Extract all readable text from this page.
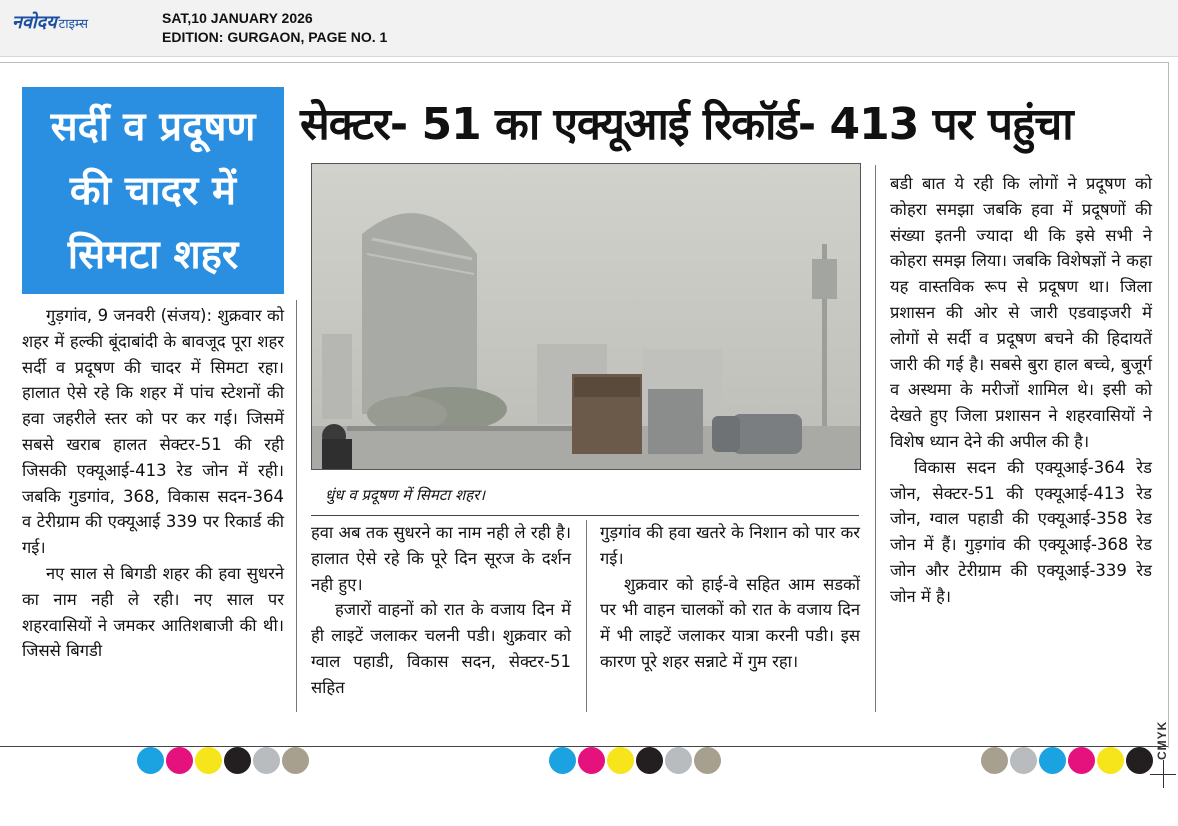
नवोदय टाइम्स	SAT,10 JANUARY 2026
EDITION: GURGAON, PAGE NO. 1
सर्दी व प्रदूषण
की चादर में
सिमटा शहर
सेक्टर- 51 का एक्यूआई रिकॉर्ड- 413 पर पहुंचा
धुंध व प्रदूषण में सिमटा शहर।

गुड़गांव, 9 जनवरी (संजय): शुक्रवार को शहर में हल्की बूंदाबांदी के बावजूद पूरा शहर सर्दी व प्रदूषण की चादर में सिमटा रहा। हालात ऐसे रहे कि शहर में पांच स्टेशनों की हवा जहरीले स्तर को पर कर गई। जिसमें सबसे खराब हालत सेक्टर-51 की रही जिसकी एक्यूआई-413 रेड जोन में रही। जबकि गुडगांव, 368, विकास सदन-364 व टेरीग्राम की एक्यूआई 339 पर रिकार्ड की गई।

नए साल से बिगडी शहर की हवा सुधरने का नाम नही ले रही। नए साल पर शहरवासियों ने जमकर आतिशबाजी की थी। जिससे बिगडी

हवा अब तक सुधरने का नाम नही ले रही है। हालात ऐसे रहे कि पूरे दिन सूरज के दर्शन नही हुए।

हजारों वाहनों को रात के वजाय दिन में ही लाइटें जलाकर चलनी पडी। शुक्रवार को ग्वाल पहाडी, विकास सदन, सेक्टर-51 सहित

गुड़गांव की हवा खतरे के निशान को पार कर गई।

शुक्रवार को हाई-वे सहित आम सडकों पर भी वाहन चालकों को रात के वजाय दिन में भी लाइटें जलाकर यात्रा करनी पडी। इस कारण पूरे शहर सन्नाटे में गुम रहा।

बडी बात ये रही कि लोगों ने प्रदूषण को कोहरा समझा जबकि हवा में प्रदूषणों की संख्या इतनी ज्यादा थी कि इसे सभी ने कोहरा समझ लिया। जबकि विशेषज्ञों ने कहा यह वास्तविक रूप से प्रदूषण था। जिला प्रशासन की ओर से जारी एडवाइजरी में लोगों से सर्दी व प्रदूषण बचने की हिदायतें जारी की गई है। सबसे बुरा हाल बच्चे, बुजूर्ग व अस्थमा के मरीजों शामिल थे। इसी को देखते हुए जिला प्रशासन ने शहरवासियों ने विशेष ध्यान देने की अपील की है।

विकास सदन की एक्यूआई-364 रेड जोन, सेक्टर-51 की एक्यूआई-413 रेड जोन, ग्वाल पहाडी की एक्यूआई-358 रेड जोन में हैं। गुड़गांव की एक्यूआई-368 रेड जोन और टेरीग्राम की एक्यूआई-339 रेड जोन में है।

CMYK
